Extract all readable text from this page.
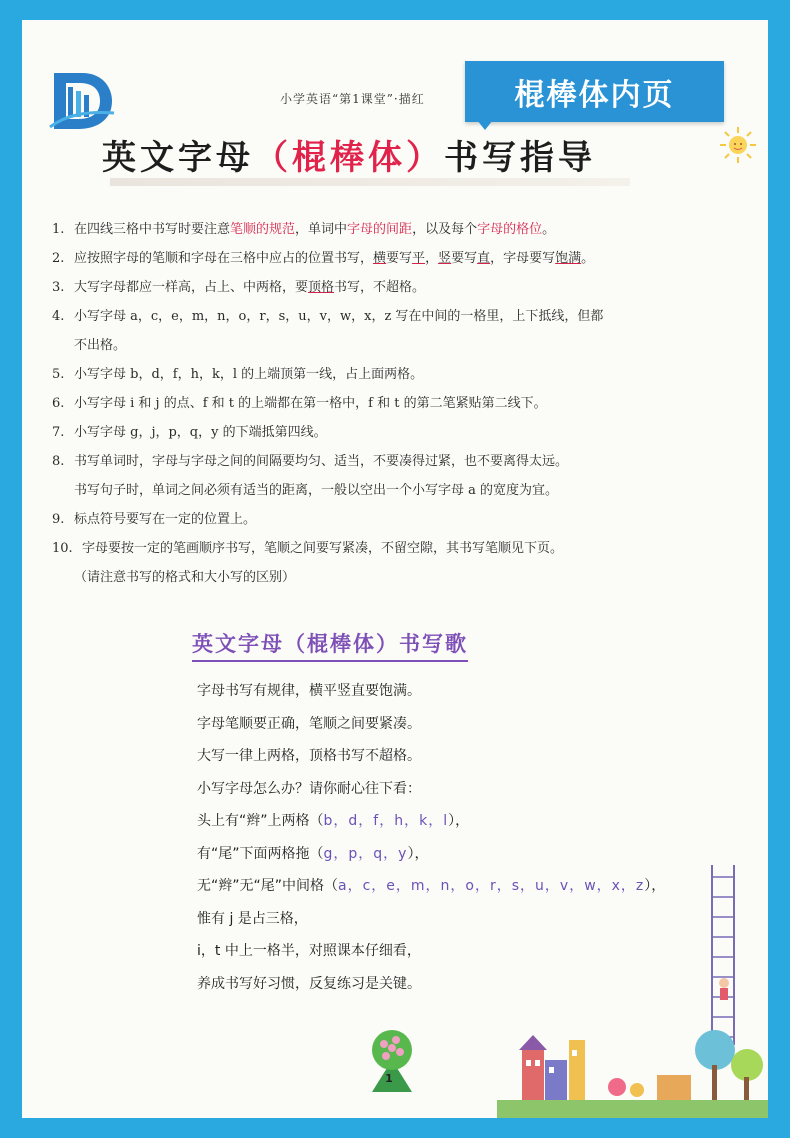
小学英语“第1课堂”·描红	棍棒体内页
英文字母（棍棒体）书写指导
1. 在四线三格中书写时要注意笔顺的规范，单词中字母的间距，以及每个字母的格位。
2. 应按照字母的笔顺和字母在三格中应占的位置书写，横要写平，竖要写直，字母要写饱满。
3. 大写字母都应一样高，占上、中两格，要顶格书写，不超格。
4. 小写字母 a，c，e，m，n，o，r，s，u，v，w，x，z 写在中间的一格里，上下抵线，但都
不出格。
5. 小写字母 b，d，f，h，k，l 的上端顶第一线，占上面两格。
6. 小写字母 i 和 j 的点、f 和 t 的上端都在第一格中，f 和 t 的第二笔紧贴第二线下。
7. 小写字母 g，j，p，q，y 的下端抵第四线。
8. 书写单词时，字母与字母之间的间隔要均匀、适当，不要凑得过紧，也不要离得太远。
书写句子时，单词之间必须有适当的距离，一般以空出一个小写字母 a 的宽度为宜。
9. 标点符号要写在一定的位置上。
10. 字母要按一定的笔画顺序书写，笔顺之间要写紧凑，不留空隙，其书写笔顺见下页。
（请注意书写的格式和大小写的区别）
英文字母（棍棒体）书写歌
字母书写有规律，横平竖直要饱满。
字母笔顺要正确，笔顺之间要紧凑。
大写一律上两格，顶格书写不超格。
小写字母怎么办？请你耐心往下看：
头上有“辫”上两格（b，d，f，h，k，l），
有“尾”下面两格拖（g，p，q，y），
无“辫”无“尾”中间格（a，c，e，m，n，o，r，s，u，v，w，x，z），
惟有 j 是占三格，
i，t 中上一格半，对照课本仔细看，
养成书写好习惯，反复练习是关键。
1
